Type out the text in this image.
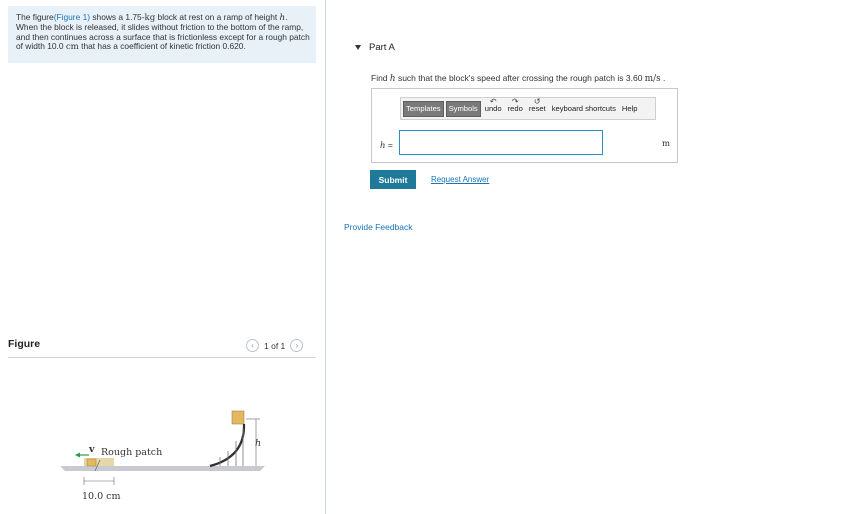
The figure(Figure 1) shows a 1.75-kg block at rest on a ramp of height h. When the block is released, it slides without friction to the bottom of the ramp, and then continues across a surface that is frictionless except for a rough patch of width 10.0 cm that has a coefficient of kinetic friction 0.620.
Figure	‹	1 of 1	›
h
v Rough patch
10.0 cm
Part A
Find h such that the block's speed after crossing the rough patch is 3.60 m/s .
Templates	Symbols
↶
undo
↷
redo
↺
reset keyboard shortcuts Help
h =	m
Submit	Request Answer
Provide Feedback
